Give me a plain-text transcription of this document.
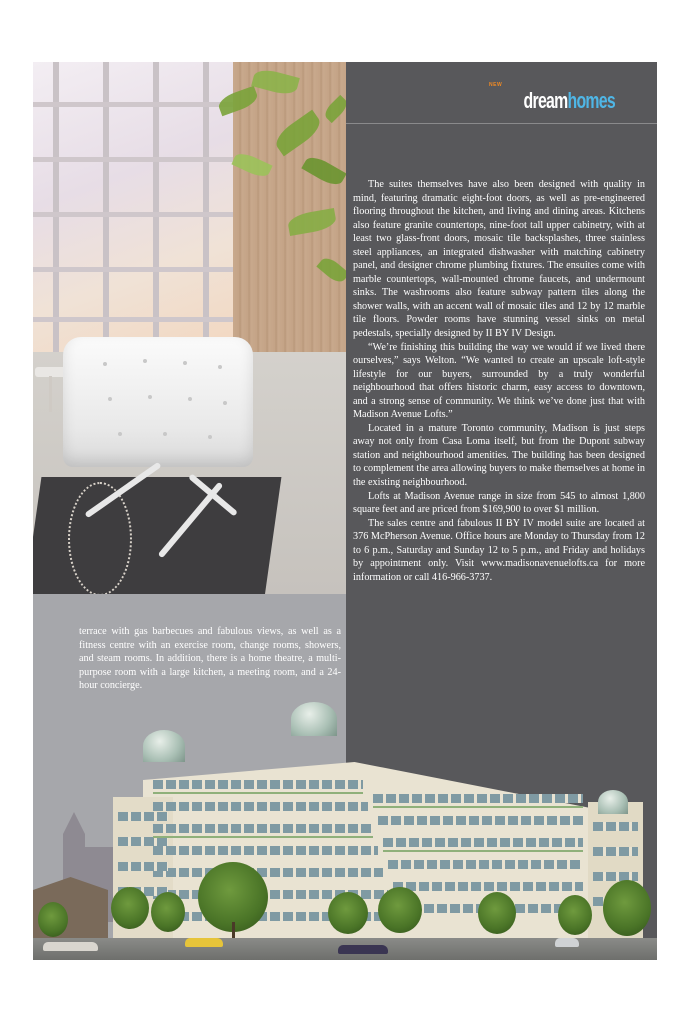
NEW
dreamhomes

The suites themselves have also been designed with quality in mind, featuring dramatic eight-foot doors, as well as pre-engineered flooring throughout the kitchen, and living and dining areas. Kitchens also feature granite countertops, nine-foot tall upper cabinetry, with at least two glass-front doors, mosaic tile backsplashes, three stainless steel appliances, an integrated dishwasher with matching cabinetry panel, and designer chrome plumbing fixtures. The ensuites come with marble countertops, wall-mounted chrome faucets, and undermount sinks. The washrooms also feature subway pattern tiles along the shower walls, with an accent wall of mosaic tiles and 12 by 12 marble tile floors. Powder rooms have stunning vessel sinks on metal pedestals, specially designed by II BY IV Design.

“We’re finishing this building the way we would if we lived there ourselves,” says Welton. “We wanted to create an upscale loft-style lifestyle for our buyers, surrounded by a truly wonderful neighbourhood that offers historic charm, easy access to downtown, and a strong sense of community. We think we’ve done just that with Madison Avenue Lofts.”

Located in a mature Toronto community, Madison is just steps away not only from Casa Loma itself, but from the Dupont subway station and neighbourhood amenities. The building has been designed to complement the area allowing buyers to make themselves at home in the existing neighbourhood.

Lofts at Madison Avenue range in size from 545 to almost 1,800 square feet and are priced from $169,900 to over $1 million.

The sales centre and fabulous II BY IV model suite are located at 376 McPherson Avenue. Office hours are Monday to Thursday from 12 to 6 p.m., Saturday and Sunday 12 to 5 p.m., and Friday and holidays by appointment only. Visit www.madisonavenuelofts.ca for more information or call 416-966-3737.

terrace with gas barbecues and fabulous views, as well as a fitness centre with an exercise room, change rooms, showers, and steam rooms. In addition, there is a home theatre, a multi-purpose room with a large kitchen, a meeting room, and a 24-hour concierge.
